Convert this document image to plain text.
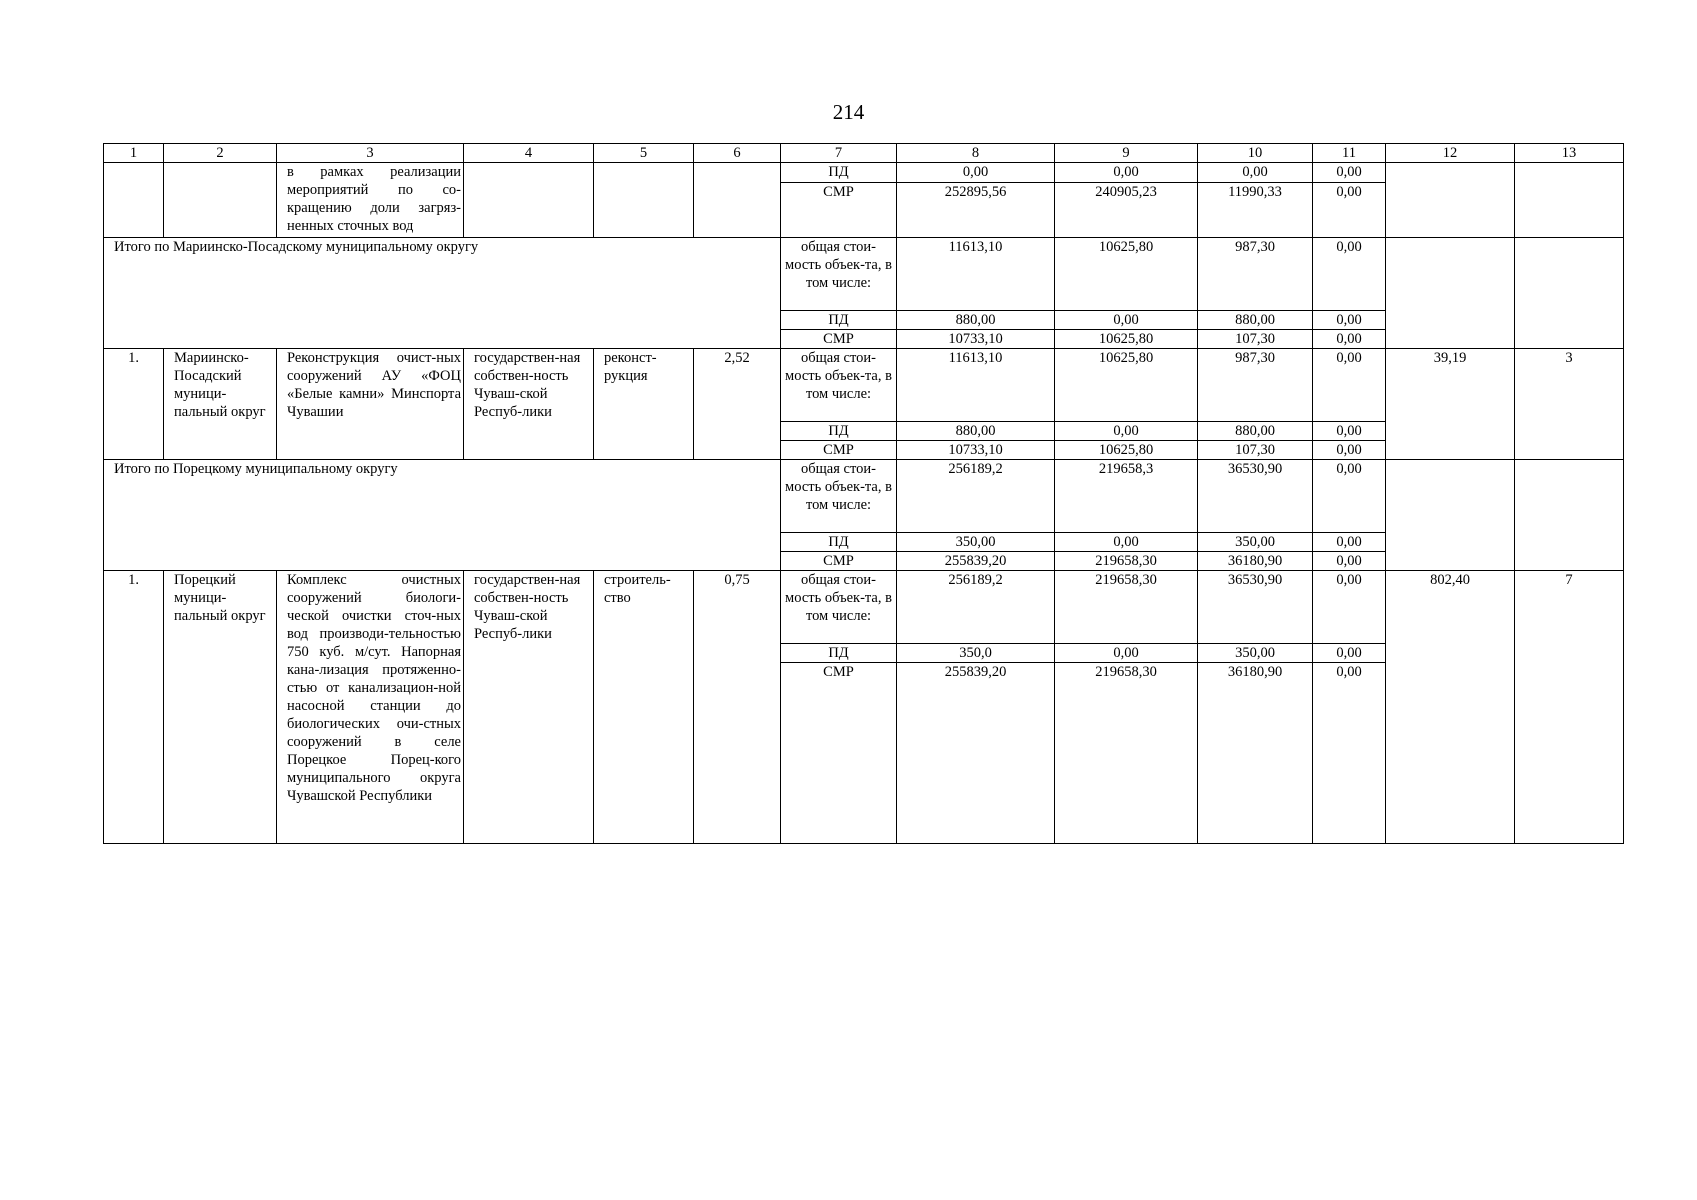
214
1	2	3	4	5	6	7	8	9	10	11	12	13
		в рамках реализации мероприятий по со-кращению доли загряз-ненных сточных вод				ПД	0,00	0,00	0,00	0,00		
						СМР	252895,56	240905,23	11990,33	0,00		
Итого по Мариинско-Посадскому муниципальному округу						общая стои-мость объек-та, в том числе:	11613,10	10625,80	987,30	0,00		
						ПД	880,00	0,00	880,00	0,00		
						СМР	10733,10	10625,80	107,30	0,00		
1.	Мариинско-Посадский муници-пальный округ	Реконструкция очист-ных сооружений АУ «ФОЦ «Белые камни» Минспорта Чувашии	государствен-ная собствен-ность Чуваш-ской Респуб-лики	реконст-рукция	2,52	общая стои-мость объек-та, в том числе:	11613,10	10625,80	987,30	0,00	39,19	3
						ПД	880,00	0,00	880,00	0,00		
						СМР	10733,10	10625,80	107,30	0,00		
Итого по Порецкому муниципальному округу						общая стои-мость объек-та, в том числе:	256189,2	219658,3	36530,90	0,00		
						ПД	350,00	0,00	350,00	0,00		
						СМР	255839,20	219658,30	36180,90	0,00		
1.	Порецкий муници-пальный округ	Комплекс очистных сооружений биологи-ческой очистки сточ-ных вод производи-тельностью 750 куб. м/сут. Напорная кана-лизация протяженно-стью от канализацион-ной насосной станции до биологических очи-стных сооружений в селе Порецкое Порец-кого муниципального округа Чувашской Республики	государствен-ная собствен-ность Чуваш-ской Респуб-лики	строитель-ство	0,75	общая стои-мость объек-та, в том числе:	256189,2	219658,30	36530,90	0,00	802,40	7
						ПД	350,0	0,00	350,00	0,00		
						СМР	255839,20	219658,30	36180,90	0,00		
